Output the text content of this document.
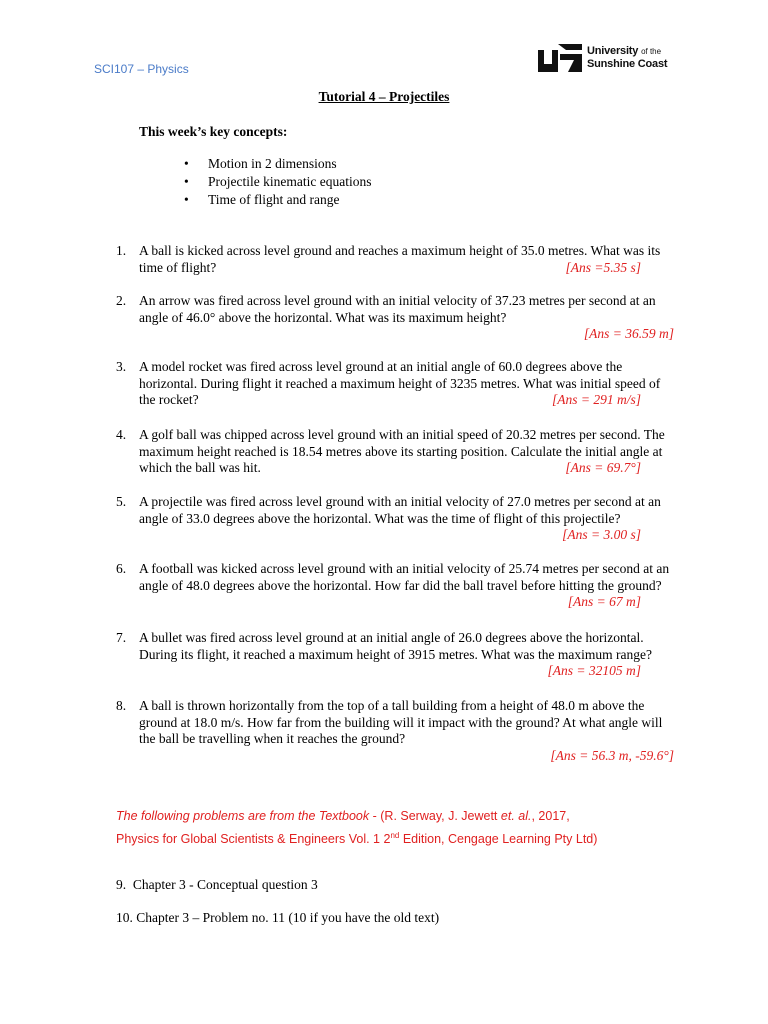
SCI107 – Physics
University of the
Sunshine Coast
Tutorial 4 – Projectiles
This week’s key concepts:
• Motion in 2 dimensions
• Projectile kinematic equations
• Time of flight and range
1. A ball is kicked across level ground and reaches a maximum height of 35.0 metres. What was its time of flight?	[Ans =5.35 s]
2. An arrow was fired across level ground with an initial velocity of 37.23 metres per second at an angle of 46.0° above the horizontal. What was its maximum height?
[Ans = 36.59 m]
3. A model rocket was fired across level ground at an initial angle of 60.0 degrees above the horizontal. During flight it reached a maximum height of 3235 metres. What was initial speed of the rocket?	[Ans = 291 m/s]
4. A golf ball was chipped across level ground with an initial speed of 20.32 metres per second. The maximum height reached is 18.54 metres above its starting position. Calculate the initial angle at which the ball was hit.	[Ans = 69.7°]
5. A projectile was fired across level ground with an initial velocity of 27.0 metres per second at an angle of 33.0 degrees above the horizontal. What was the time of flight of this projectile?
[Ans = 3.00 s]
6. A football was kicked across level ground with an initial velocity of 25.74 metres per second at an angle of 48.0 degrees above the horizontal. How far did the ball travel before hitting the ground?
[Ans = 67 m]
7. A bullet was fired across level ground at an initial angle of 26.0 degrees above the horizontal. During its flight, it reached a maximum height of 3915 metres. What was the maximum range?
[Ans = 32105 m]
8. A ball is thrown horizontally from the top of a tall building from a height of 48.0 m above the ground at 18.0 m/s. How far from the building will it impact with the ground? At what angle will the ball be travelling when it reaches the ground?
[Ans = 56.3 m, -59.6°]
The following problems are from the Textbook - (R. Serway, J. Jewett et. al., 2017,
Physics for Global Scientists & Engineers Vol. 1 2nd Edition, Cengage Learning Pty Ltd)
9.  Chapter 3 - Conceptual question 3
10. Chapter 3 – Problem no. 11 (10 if you have the old text)
